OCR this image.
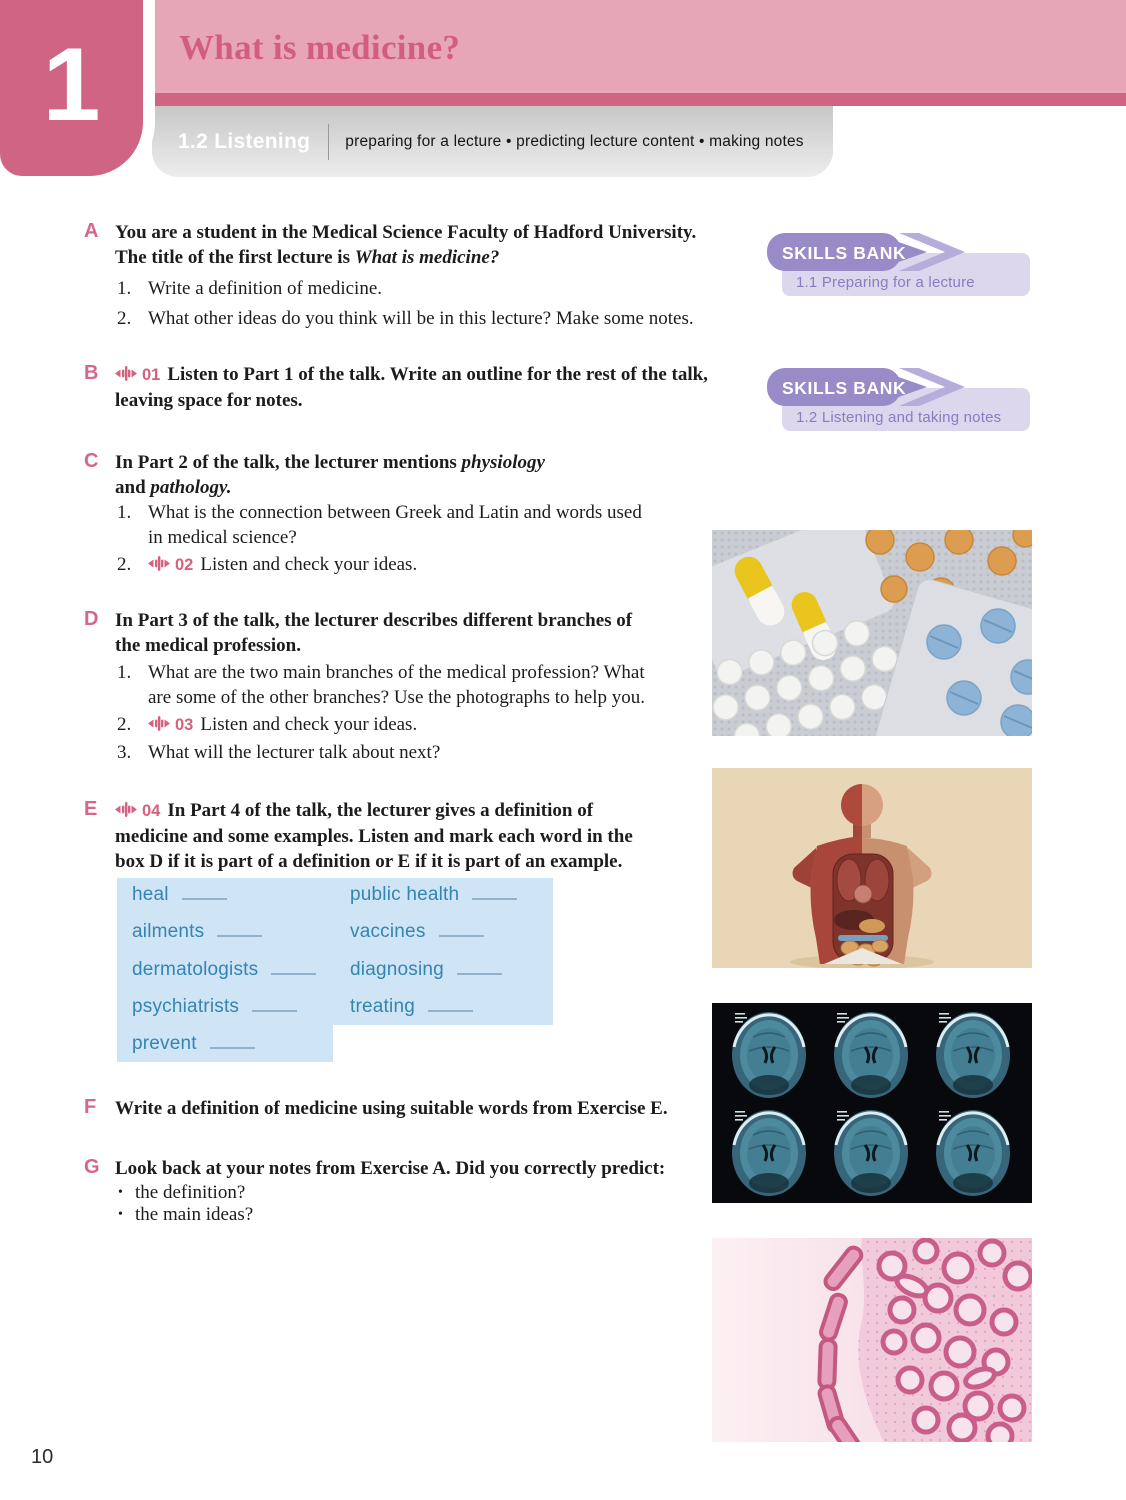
What is medicine?
1.2 Listening preparing for a lecture • predicting lecture content • making notes
1
1.1 Preparing for a lecture
SKILLS BANK
1.2 Listening and taking notes
SKILLS BANK
A You are a student in the Medical Science Faculty of Hadford University.
The title of the first lecture is What is medicine?
1. Write a definition of medicine.
2. What other ideas do you think will be in this lecture? Make some notes.
B	01 Listen to Part 1 of the talk. Write an outline for the rest of the talk,
leaving space for notes.
C In Part 2 of the talk, the lecturer mentions physiology
and pathology.
1. What is the connection between Greek and Latin and words used
in medical science?
2.	02 Listen and check your ideas.
D In Part 3 of the talk, the lecturer describes different branches of
the medical profession.
1. What are the two main branches of the medical profession? What
are some of the other branches? Use the photographs to help you.
2.	03 Listen and check your ideas.
3. What will the lecturer talk about next?
E	04 In Part 4 of the talk, the lecturer gives a definition of
medicine and some examples. Listen and mark each word in the
box D if it is part of a definition or E if it is part of an example.
heal
ailments
dermatologists
psychiatrists
prevent
public health
vaccines
diagnosing
treating
F Write a definition of medicine using suitable words from Exercise E.
G Look back at your notes from Exercise A. Did you correctly predict:
• the definition?
• the main ideas?
10
